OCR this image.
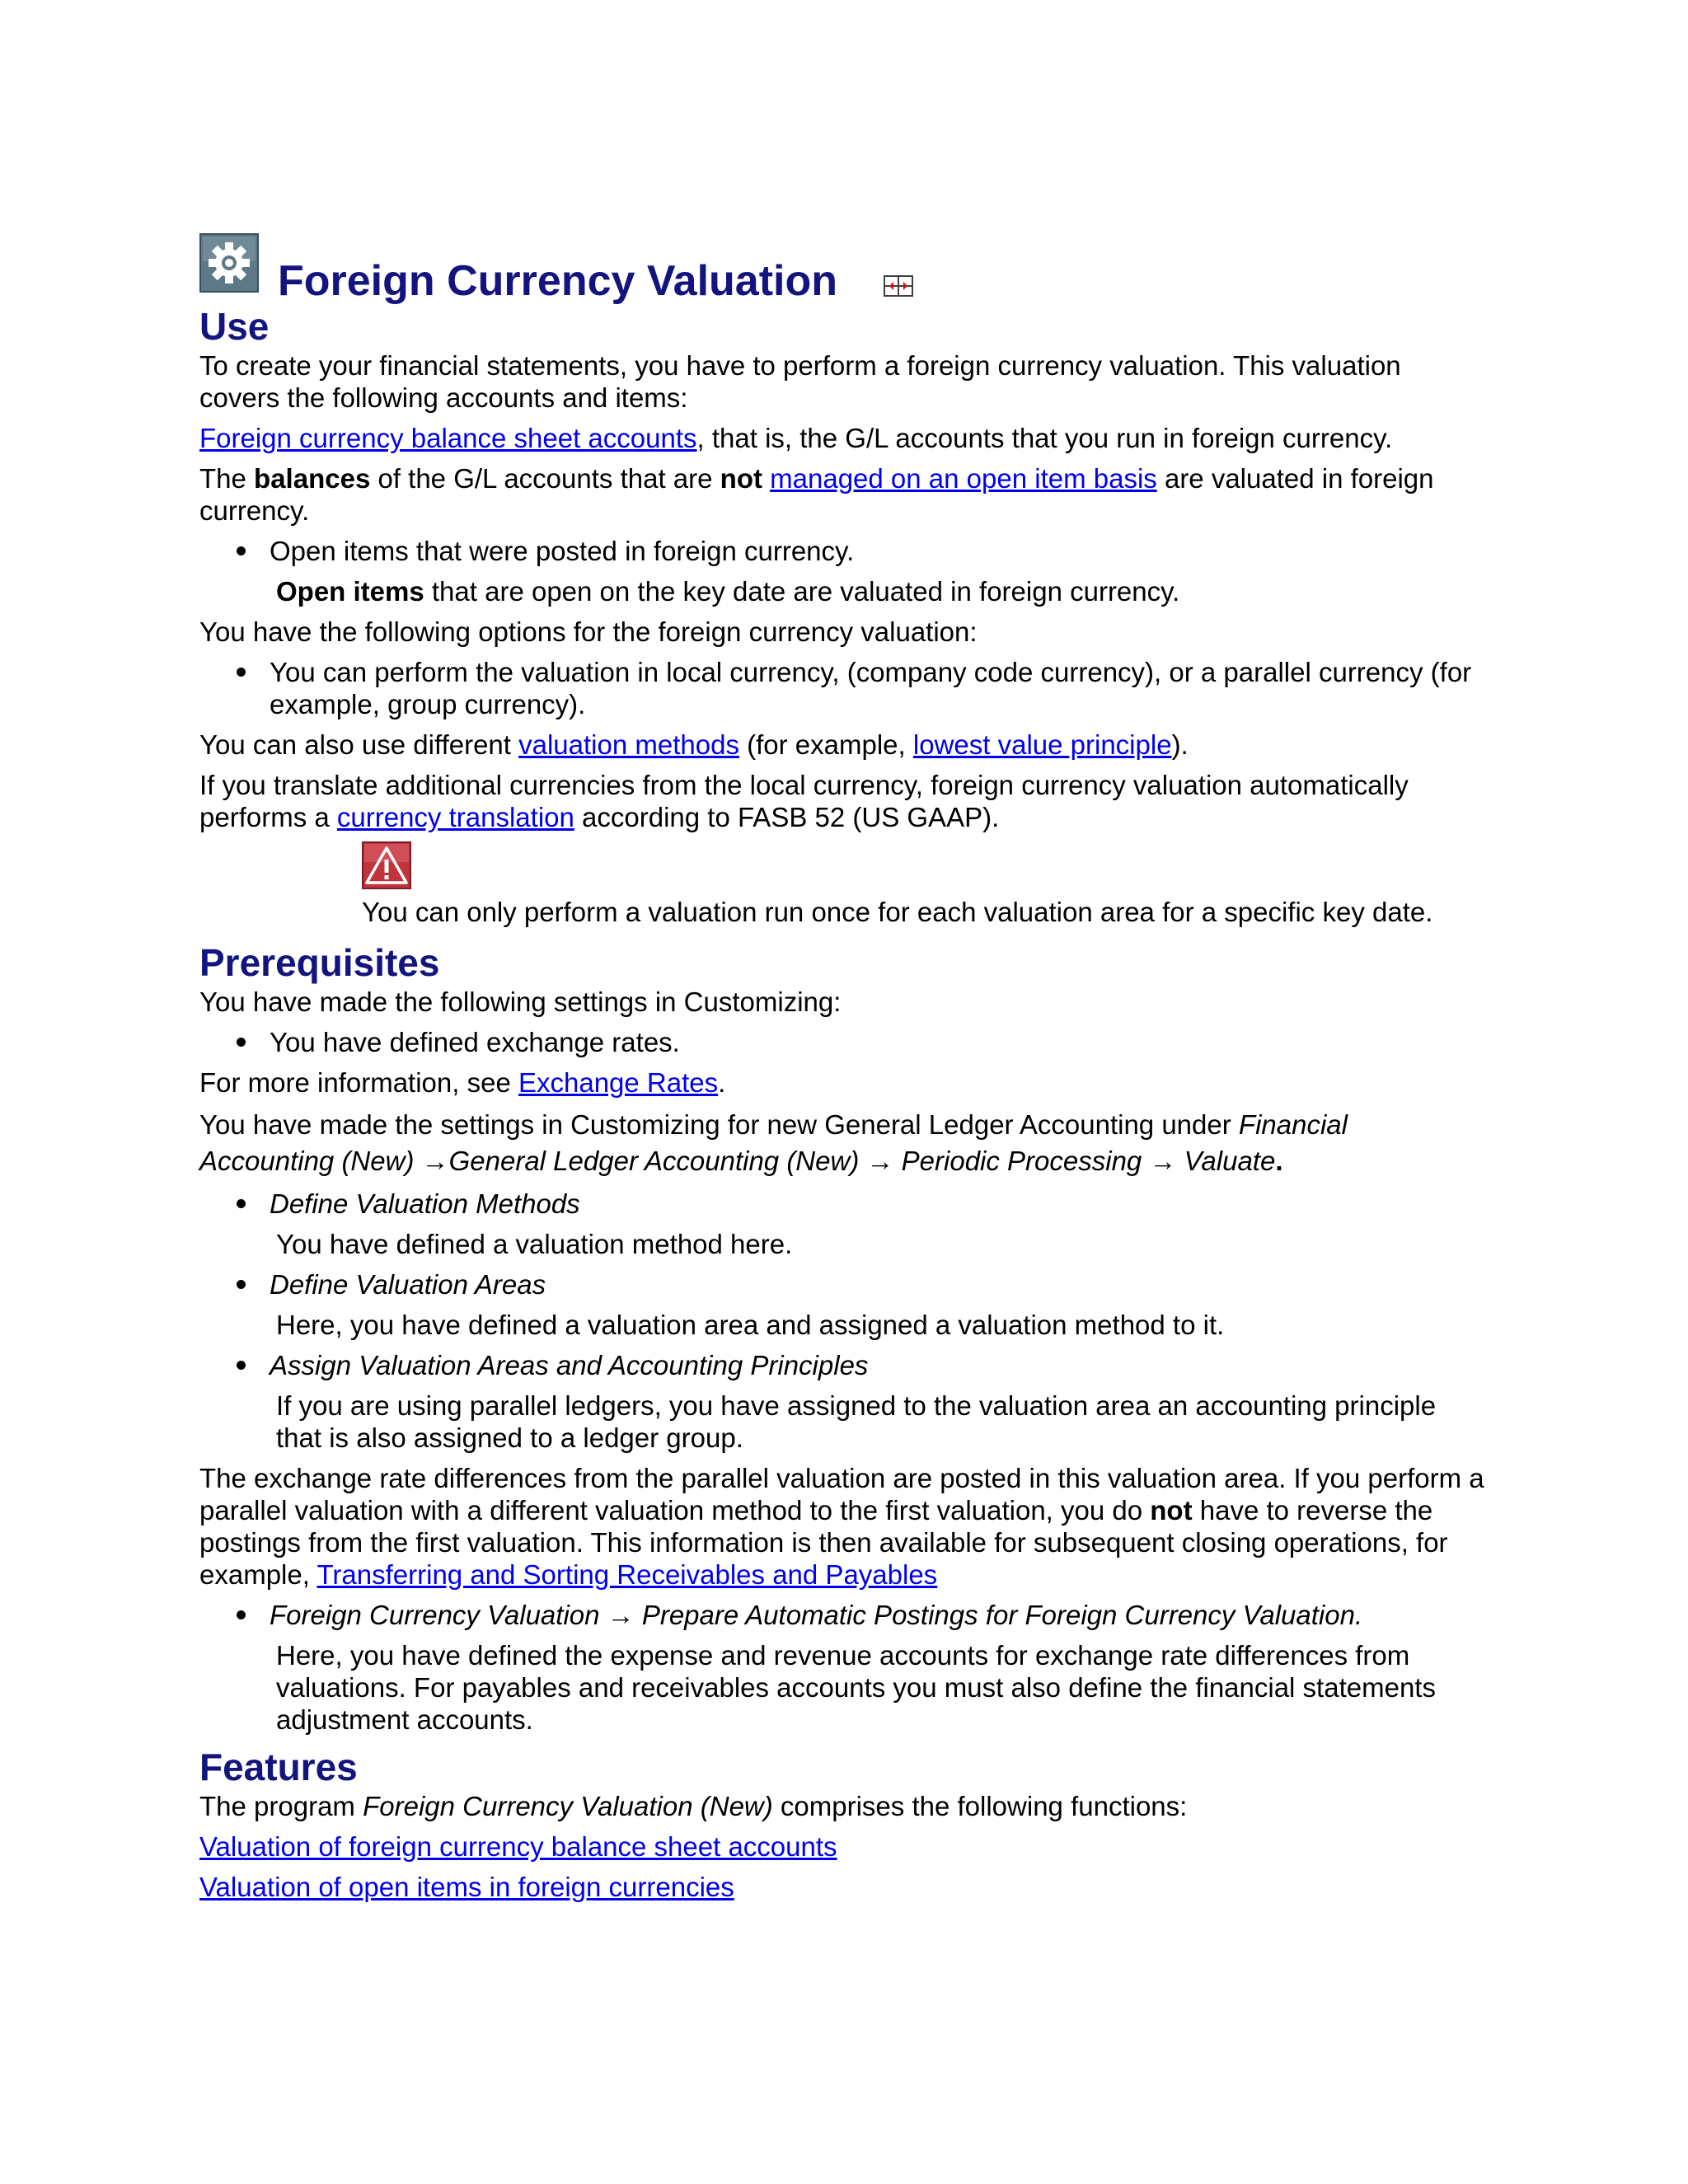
Foreign Currency Valuation
Use

To create your financial statements, you have to perform a foreign currency valuation. This valuation covers the following accounts and items:

Foreign currency balance sheet accounts, that is, the G/L accounts that you run in foreign currency.

The balances of the G/L accounts that are not managed on an open item basis are valuated in foreign currency.

Open items that were posted in foreign currency.

Open items that are open on the key date are valuated in foreign currency.

You have the following options for the foreign currency valuation:

You can perform the valuation in local currency, (company code currency), or a parallel currency (for example, group currency).

You can also use different valuation methods (for example, lowest value principle).

If you translate additional currencies from the local currency, foreign currency valuation automatically performs a currency translation according to FASB 52 (US GAAP).

You can only perform a valuation run once for each valuation area for a specific key date.
Prerequisites

You have made the following settings in Customizing:

You have defined exchange rates.

For more information, see Exchange Rates.

You have made the settings in Customizing for new General Ledger Accounting under Financial Accounting (New) →General Ledger Accounting (New) → Periodic Processing → Valuate.

Define Valuation Methods

You have defined a valuation method here.

Define Valuation Areas

Here, you have defined a valuation area and assigned a valuation method to it.

Assign Valuation Areas and Accounting Principles

If you are using parallel ledgers, you have assigned to the valuation area an accounting principle that is also assigned to a ledger group.

The exchange rate differences from the parallel valuation are posted in this valuation area. If you perform a parallel valuation with a different valuation method to the first valuation, you do not have to reverse the postings from the first valuation. This information is then available for subsequent closing operations, for example, Transferring and Sorting Receivables and Payables

Foreign Currency Valuation → Prepare Automatic Postings for Foreign Currency Valuation.

Here, you have defined the expense and revenue accounts for exchange rate differences from valuations. For payables and receivables accounts you must also define the financial statements adjustment accounts.

Features

The program Foreign Currency Valuation (New) comprises the following functions:

Valuation of foreign currency balance sheet accounts

Valuation of open items in foreign currencies
